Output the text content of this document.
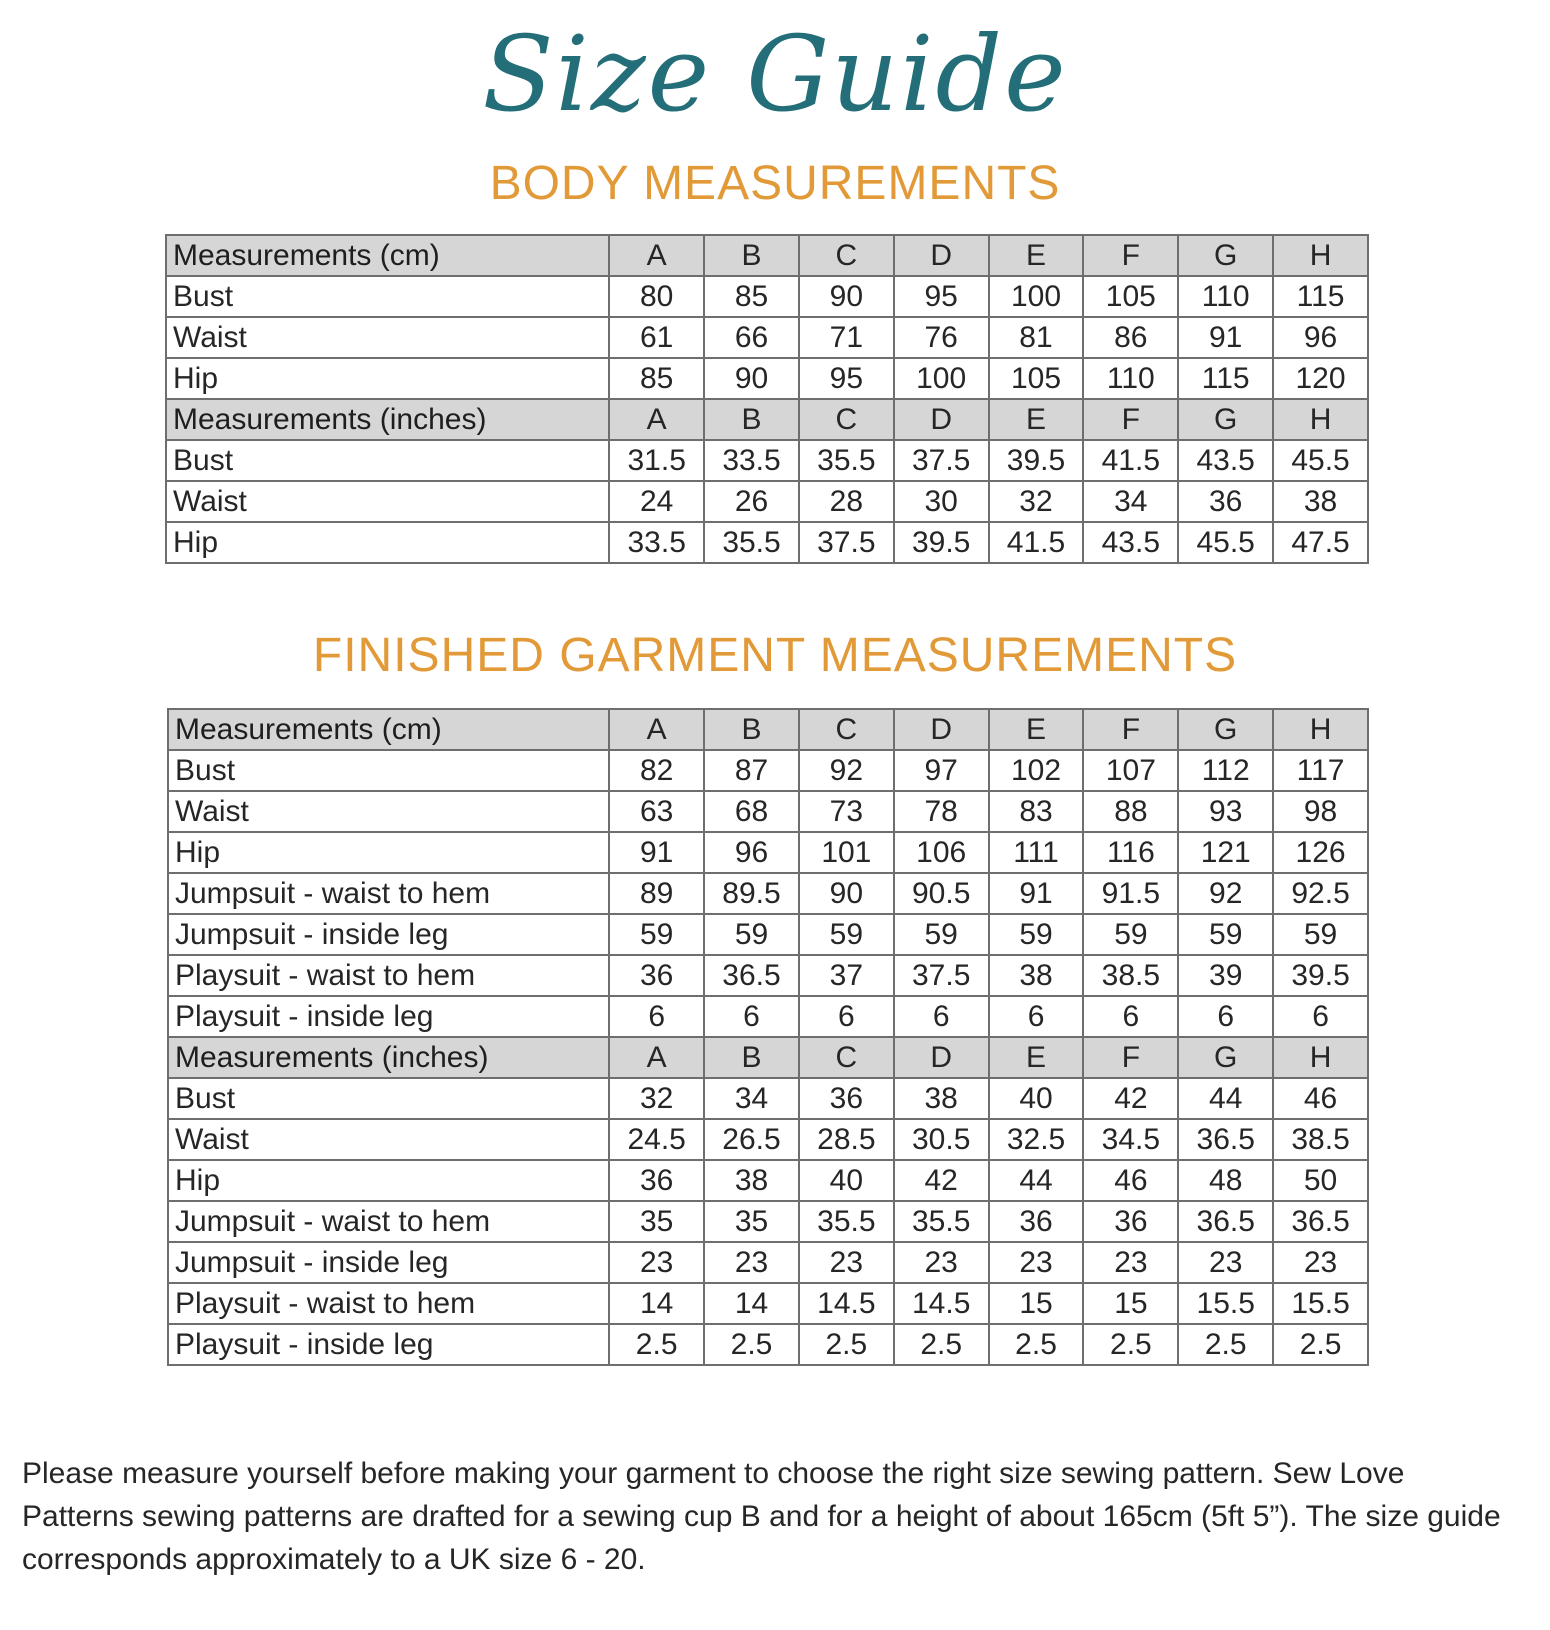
Size Guide
BODY MEASUREMENTS
Measurements (cm)	A	B	C	D	E	F	G	H
Bust	80	85	90	95	100	105	110	115
Waist	61	66	71	76	81	86	91	96
Hip	85	90	95	100	105	110	115	120
Measurements (inches)	A	B	C	D	E	F	G	H
Bust	31.5	33.5	35.5	37.5	39.5	41.5	43.5	45.5
Waist	24	26	28	30	32	34	36	38
Hip	33.5	35.5	37.5	39.5	41.5	43.5	45.5	47.5
FINISHED GARMENT MEASUREMENTS
Measurements (cm)	A	B	C	D	E	F	G	H
Bust	82	87	92	97	102	107	112	117
Waist	63	68	73	78	83	88	93	98
Hip	91	96	101	106	111	116	121	126
Jumpsuit - waist to hem	89	89.5	90	90.5	91	91.5	92	92.5
Jumpsuit - inside leg	59	59	59	59	59	59	59	59
Playsuit - waist to hem	36	36.5	37	37.5	38	38.5	39	39.5
Playsuit - inside leg	6	6	6	6	6	6	6	6
Measurements (inches)	A	B	C	D	E	F	G	H
Bust	32	34	36	38	40	42	44	46
Waist	24.5	26.5	28.5	30.5	32.5	34.5	36.5	38.5
Hip	36	38	40	42	44	46	48	50
Jumpsuit - waist to hem	35	35	35.5	35.5	36	36	36.5	36.5
Jumpsuit - inside leg	23	23	23	23	23	23	23	23
Playsuit - waist to hem	14	14	14.5	14.5	15	15	15.5	15.5
Playsuit - inside leg	2.5	2.5	2.5	2.5	2.5	2.5	2.5	2.5
Please measure yourself before making your garment to choose the right size sewing pattern. Sew Love Patterns sewing patterns are drafted for a sewing cup B and for a height of about 165cm (5ft 5”). The size guide corresponds approximately to a UK size 6 - 20.
